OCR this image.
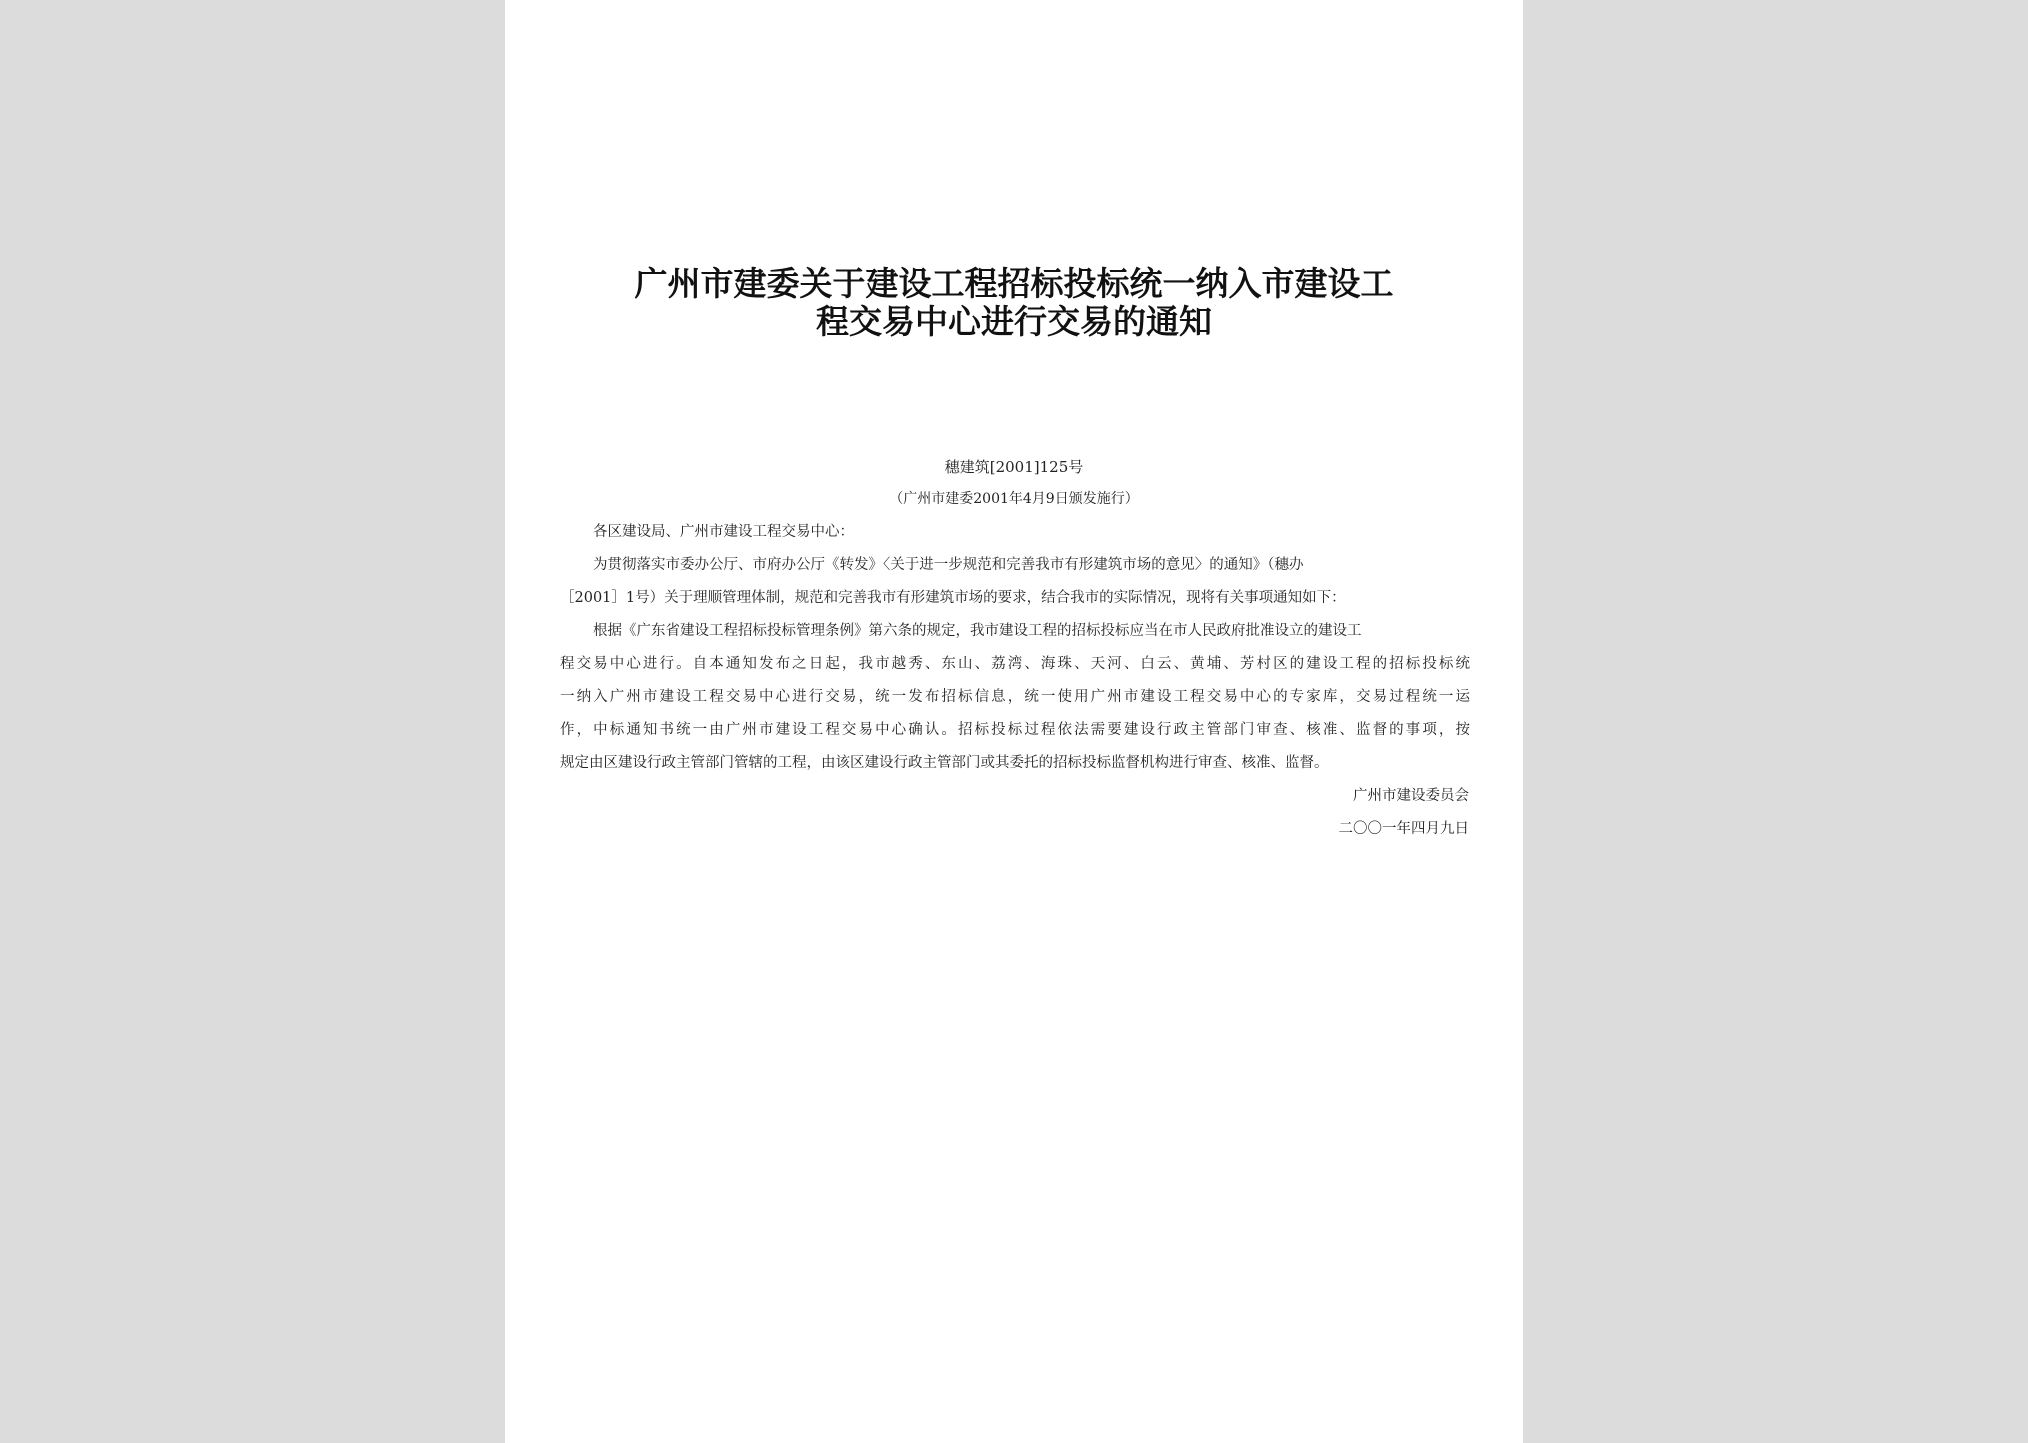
广州市建委关于建设工程招标投标统一纳入市建设工
程交易中心进行交易的通知
穗建筑[2001]125号
（广州市建委2001年4月9日颁发施行）
各区建设局、广州市建设工程交易中心：
为贯彻落实市委办公厅、市府办公厅《转发》〈关于进一步规范和完善我市有形建筑市场的意见〉的通知》（穗办
［2001］1号）关于理顺管理体制，规范和完善我市有形建筑市场的要求，结合我市的实际情况，现将有关事项通知如下：
根据《广东省建设工程招标投标管理条例》第六条的规定，我市建设工程的招标投标应当在市人民政府批准设立的建设工
程交易中心进行。自本通知发布之日起，我市越秀、东山、荔湾、海珠、天河、白云、黄埔、芳村区的建设工程的招标投标统
一纳入广州市建设工程交易中心进行交易，统一发布招标信息，统一使用广州市建设工程交易中心的专家库，交易过程统一运
作，中标通知书统一由广州市建设工程交易中心确认。招标投标过程依法需要建设行政主管部门审查、核准、监督的事项，按
规定由区建设行政主管部门管辖的工程，由该区建设行政主管部门或其委托的招标投标监督机构进行审查、核准、监督。
广州市建设委员会
二〇〇一年四月九日
